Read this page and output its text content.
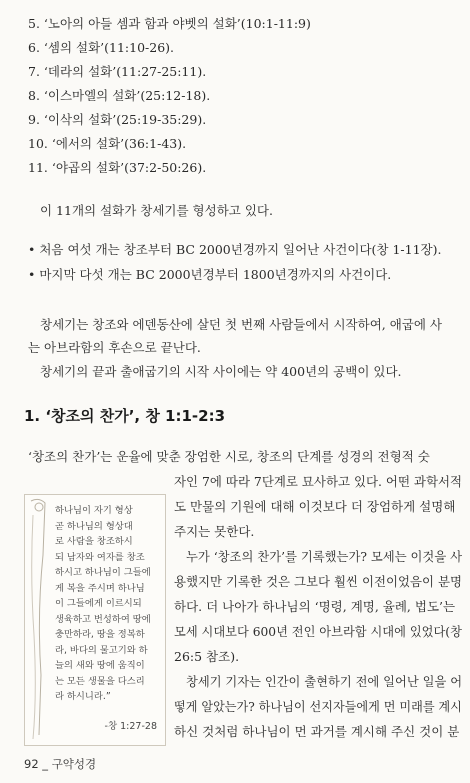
5. ‘노아의 아들 셈과 함과 야벳의 설화’(10:1-11:9)
6. ‘셈의 설화’(11:10-26).
7. ‘데라의 설화’(11:27-25:11).
8. ‘이스마엘의 설화’(25:12-18).
9. ‘이삭의 설화’(25:19-35:29).
10. ‘에서의 설화’(36:1-43).
11. ‘야곱의 설화’(37:2-50:26).
이 11개의 설화가 창세기를 형성하고 있다.
• 처음 여섯 개는 창조부터 BC 2000년경까지 일어난 사건이다(창 1-11장).
• 마지막 다섯 개는 BC 2000년경부터 1800년경까지의 사건이다.
창세기는 창조와 에덴동산에 살던 첫 번째 사람들에서 시작하여, 애굽에 사
는 아브라함의 후손으로 끝난다.
창세기의 끝과 출애굽기의 시작 사이에는 약 400년의 공백이 있다.
1. ‘창조의 찬가’, 창 1:1-2:3
‘창조의 찬가’는 운율에 맞춘 장엄한 시로, 창조의 단계를 성경의 전형적 숫
하나님이 자기 형상
곧 하나님의 형상대
로 사람을 창조하시
되 남자와 여자를 창조
하시고 하나님이 그들에
게 복을 주시며 하나님
이 그들에게 이르시되
생육하고 번성하여 땅에
충만하라, 땅을 정복하
라, 바다의 물고기와 하
늘의 새와 땅에 움직이
는 모든 생물을 다스리
라 하시니라.”
-창 1:27-28
자인 7에 따라 7단계로 묘사하고 있다. 어떤 과학서적
도 만물의 기원에 대해 이것보다 더 장엄하게 설명해
주지는 못한다.
누가 ‘창조의 찬가’를 기록했는가? 모세는 이것을 사
용했지만 기록한 것은 그보다 훨씬 이전이었음이 분명
하다. 더 나아가 하나님의 ‘명령, 계명, 율례, 법도’는
모세 시대보다 600년 전인 아브라함 시대에 있었다(창
26:5 참조).
창세기 기자는 인간이 출현하기 전에 일어난 일을 어
떻게 알았는가? 하나님이 선지자들에게 먼 미래를 계시
하신 것처럼 하나님이 먼 과거를 계시해 주신 것이 분
92 _ 구약성경
